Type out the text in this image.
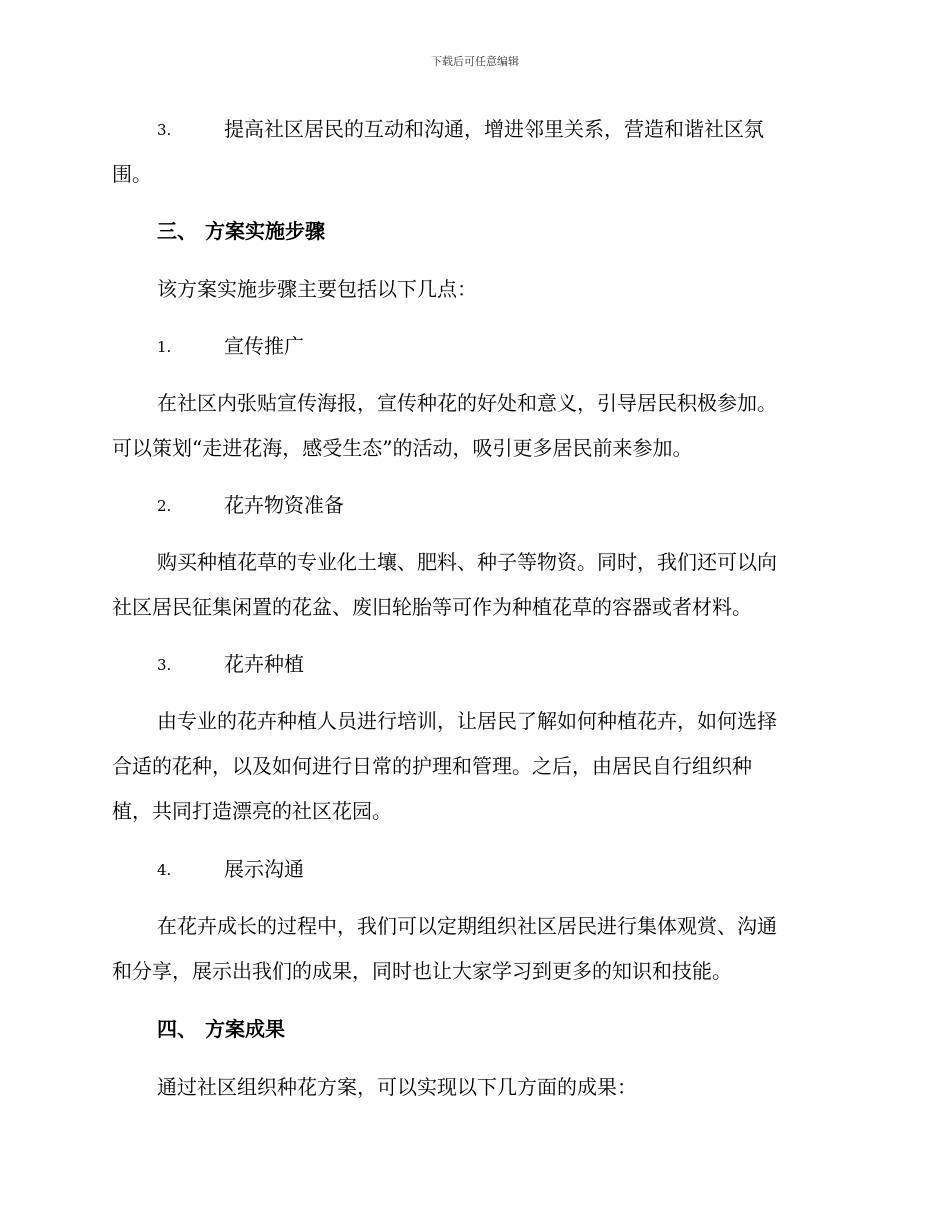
下载后可任意编辑
3.	提高社区居民的互动和沟通，增进邻里关系，营造和谐社区氛
围。
三、 方案实施步骤
该方案实施步骤主要包括以下几点：
1.	宣传推广
在社区内张贴宣传海报，宣传种花的好处和意义，引导居民积极参加。
可以策划“走进花海，感受生态”的活动，吸引更多居民前来参加。
2.	花卉物资准备
购买种植花草的专业化土壤、肥料、种子等物资。同时，我们还可以向
社区居民征集闲置的花盆、废旧轮胎等可作为种植花草的容器或者材料。
3.	花卉种植
由专业的花卉种植人员进行培训，让居民了解如何种植花卉，如何选择
合适的花种，以及如何进行日常的护理和管理。之后，由居民自行组织种
植，共同打造漂亮的社区花园。
4.	展示沟通
在花卉成长的过程中，我们可以定期组织社区居民进行集体观赏、沟通
和分享，展示出我们的成果，同时也让大家学习到更多的知识和技能。
四、 方案成果
通过社区组织种花方案，可以实现以下几方面的成果：
